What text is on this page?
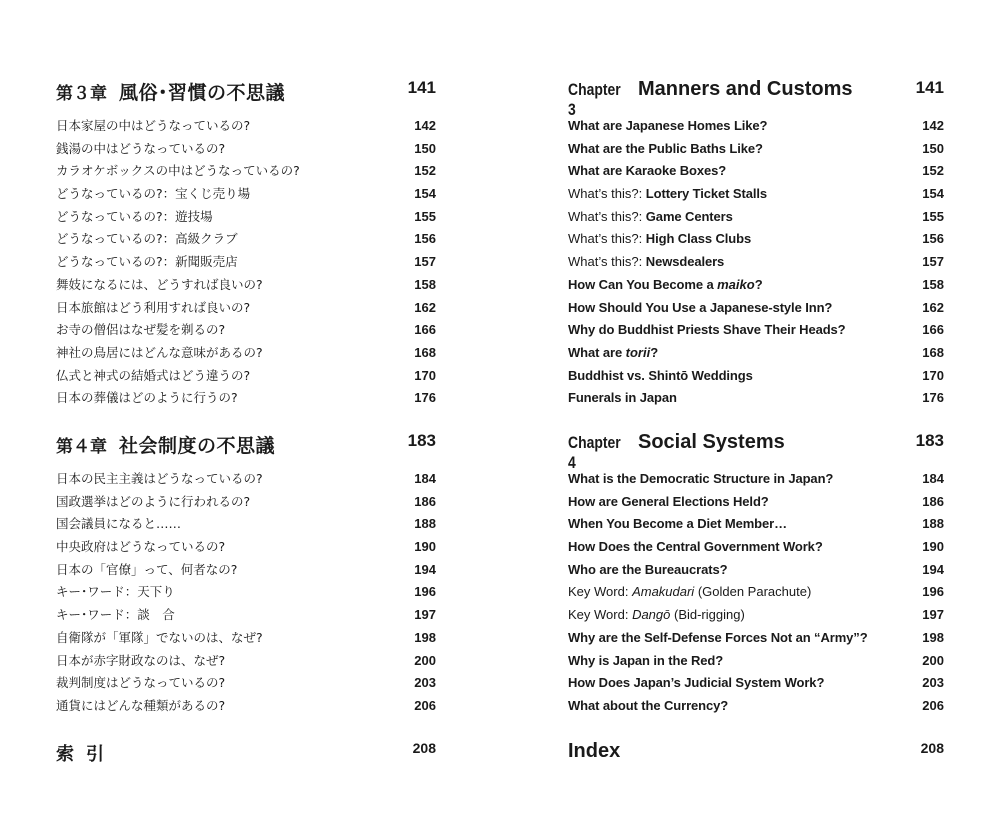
第３章 風俗･習慣の不思議	141
日本家屋の中はどうなっているの?	142
銭湯の中はどうなっているの?	150
カラオケボックスの中はどうなっているの?	152
どうなっているの?：宝くじ売り場	154
どうなっているの?：遊技場	155
どうなっているの?：高級クラブ	156
どうなっているの?：新聞販売店	157
舞妓になるには、どうすれば良いの?	158
日本旅館はどう利用すれば良いの?	162
お寺の僧侶はなぜ髪を剃るの?	166
神社の鳥居にはどんな意味があるの?	168
仏式と神式の結婚式はどう違うの?	170
日本の葬儀はどのように行うの?	176
第４章 社会制度の不思議	183
日本の民主主義はどうなっているの?	184
国政選挙はどのように行われるの?	186
国会議員になると……	188
中央政府はどうなっているの?	190
日本の「官僚」って、何者なの?	194
キー･ワード：天下り	196
キー･ワード：談　合	197
自衛隊が「軍隊」でないのは、なぜ?	198
日本が赤字財政なのは、なぜ?	200
裁判制度はどうなっているの?	203
通貨にはどんな種類があるの?	206
索引	208
Chapter 3
Manners and Customs	141
What are Japanese Homes Like?	142
What are the Public Baths Like?	150
What are Karaoke Boxes?	152
What’s this?: Lottery Ticket Stalls	154
What’s this?: Game Centers	155
What’s this?: High Class Clubs	156
What’s this?: Newsdealers	157
How Can You Become a maiko?	158
How Should You Use a Japanese-style Inn?	162
Why do Buddhist Priests Shave Their Heads?	166
What are torii?	168
Buddhist vs. Shintō Weddings	170
Funerals in Japan	176
Chapter 4
Social Systems	183
What is the Democratic Structure in Japan?	184
How are General Elections Held?	186
When You Become a Diet Member…	188
How Does the Central Government Work?	190
Who are the Bureaucrats?	194
Key Word: Amakudari (Golden Parachute)	196
Key Word: Dangō (Bid-rigging)	197
Why are the Self-Defense Forces Not an “Army”?	198
Why is Japan in the Red?	200
How Does Japan’s Judicial System Work?	203
What about the Currency?	206
Index	208
